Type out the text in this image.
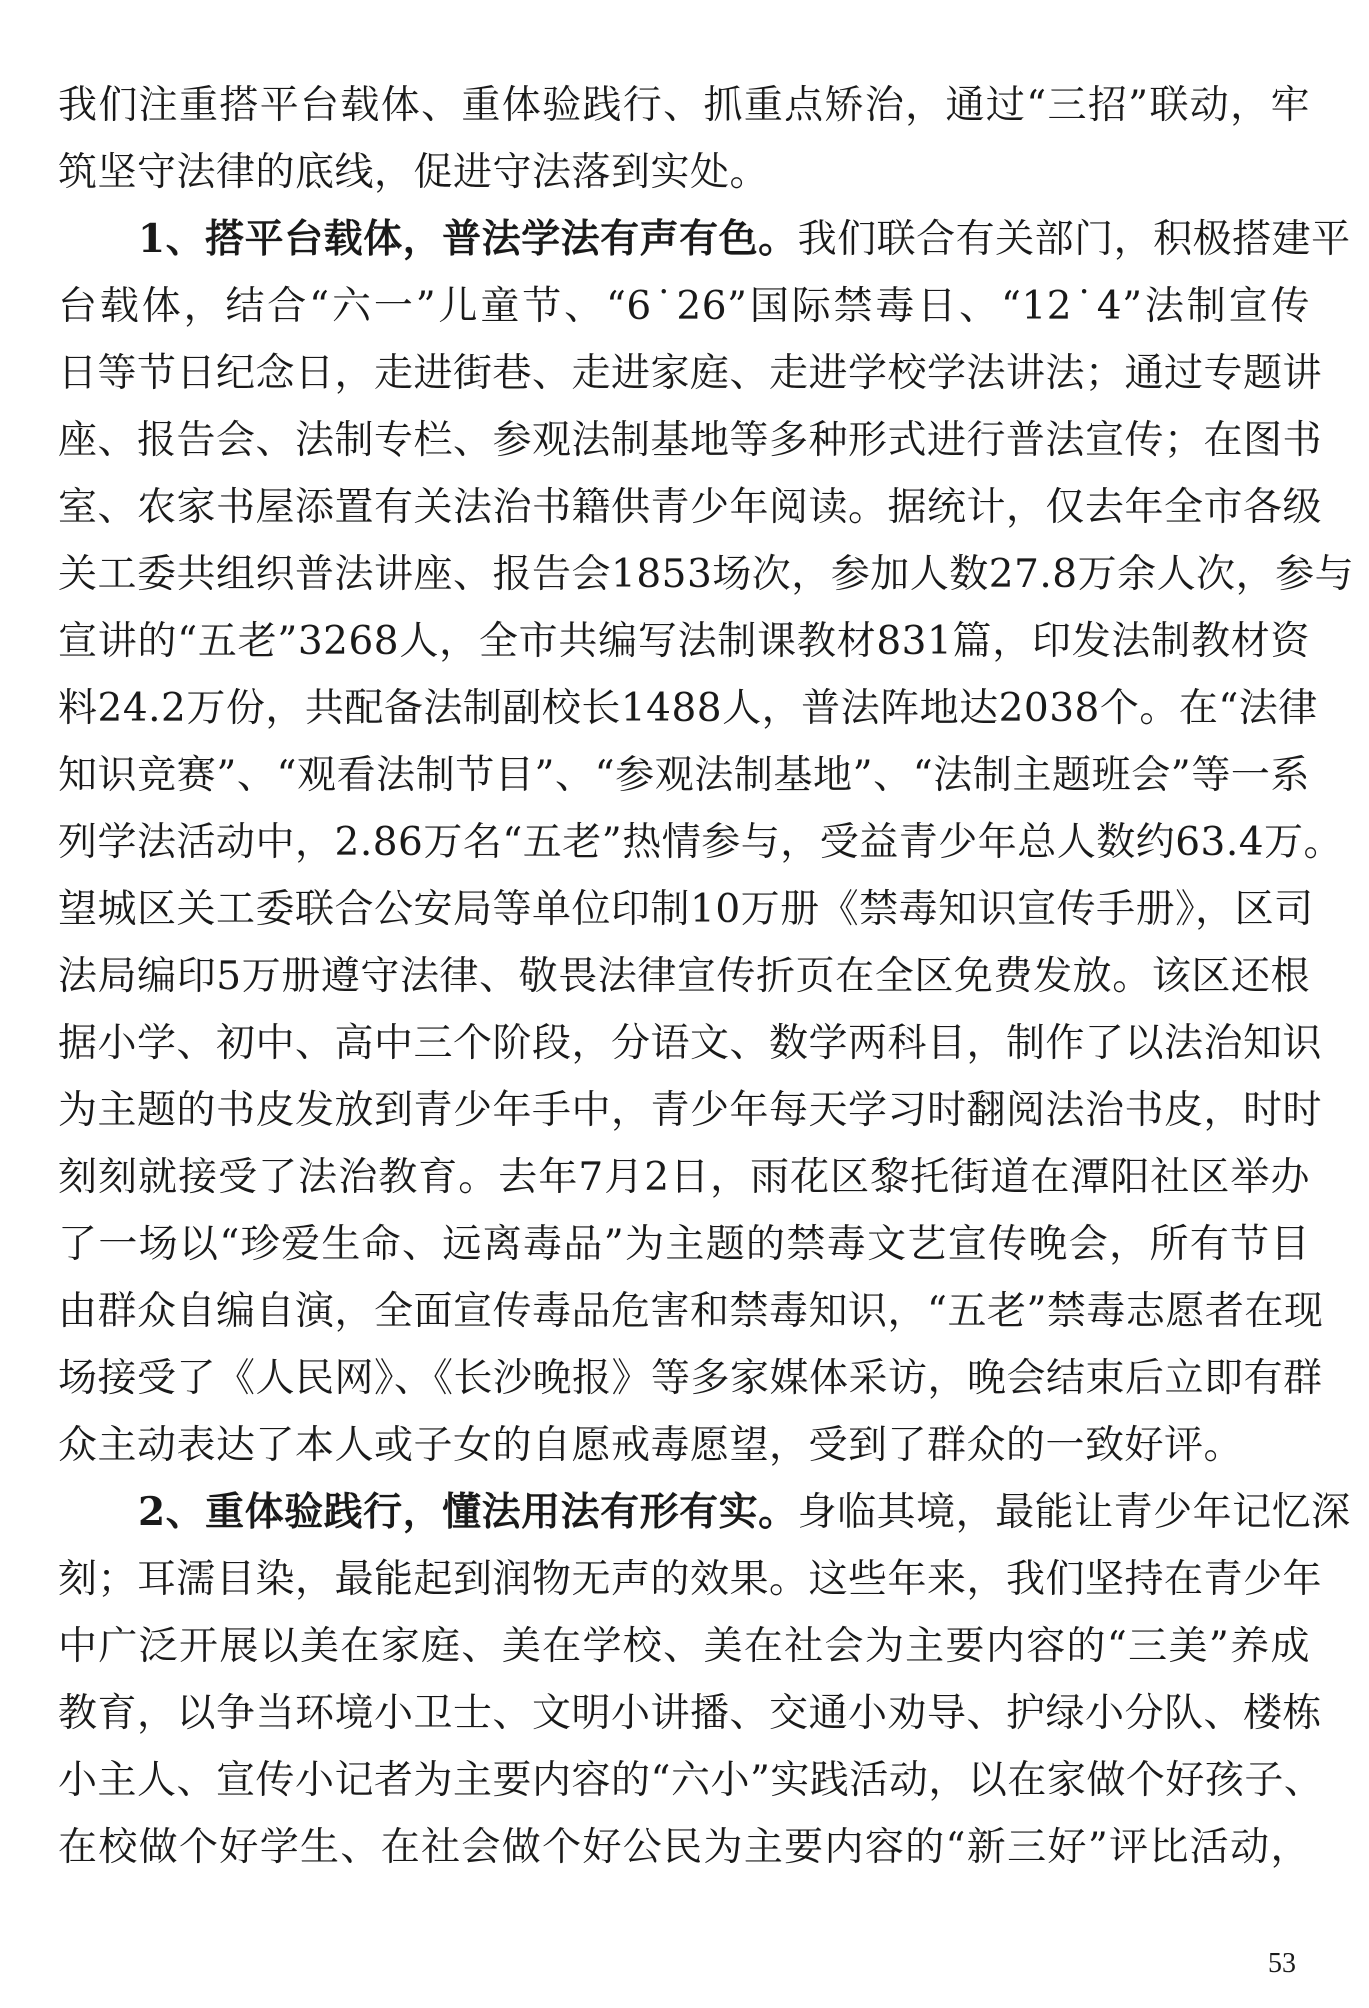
我们注重搭平台载体、重体验践行、抓重点矫治，通过“三招”联动，牢
筑坚守法律的底线，促进守法落到实处。
1、搭平台载体，普法学法有声有色。我们联合有关部门，积极搭建平
台载体，结合“六一”儿童节、“6˙26”国际禁毒日、“12˙4”法制宣传
日等节日纪念日，走进街巷、走进家庭、走进学校学法讲法；通过专题讲
座、报告会、法制专栏、参观法制基地等多种形式进行普法宣传；在图书
室、农家书屋添置有关法治书籍供青少年阅读。据统计，仅去年全市各级
关工委共组织普法讲座、报告会1853场次，参加人数27.8万余人次，参与
宣讲的“五老”3268人，全市共编写法制课教材831篇，印发法制教材资
料24.2万份，共配备法制副校长1488人，普法阵地达2038个。在“法律
知识竞赛”、“观看法制节目”、“参观法制基地”、“法制主题班会”等一系
列学法活动中，2.86万名“五老”热情参与，受益青少年总人数约63.4万。
望城区关工委联合公安局等单位印制10万册《禁毒知识宣传手册》，区司
法局编印5万册遵守法律、敬畏法律宣传折页在全区免费发放。该区还根
据小学、初中、高中三个阶段，分语文、数学两科目，制作了以法治知识
为主题的书皮发放到青少年手中，青少年每天学习时翻阅法治书皮，时时
刻刻就接受了法治教育。去年7月2日，雨花区黎托街道在潭阳社区举办
了一场以“珍爱生命、远离毒品”为主题的禁毒文艺宣传晚会，所有节目
由群众自编自演，全面宣传毒品危害和禁毒知识，“五老”禁毒志愿者在现
场接受了《人民网》、《长沙晚报》等多家媒体采访，晚会结束后立即有群
众主动表达了本人或子女的自愿戒毒愿望，受到了群众的一致好评。
2、重体验践行，懂法用法有形有实。身临其境，最能让青少年记忆深
刻；耳濡目染，最能起到润物无声的效果。这些年来，我们坚持在青少年
中广泛开展以美在家庭、美在学校、美在社会为主要内容的“三美”养成
教育，以争当环境小卫士、文明小讲播、交通小劝导、护绿小分队、楼栋
小主人、宣传小记者为主要内容的“六小”实践活动，以在家做个好孩子、
在校做个好学生、在社会做个好公民为主要内容的“新三好”评比活动，
53
